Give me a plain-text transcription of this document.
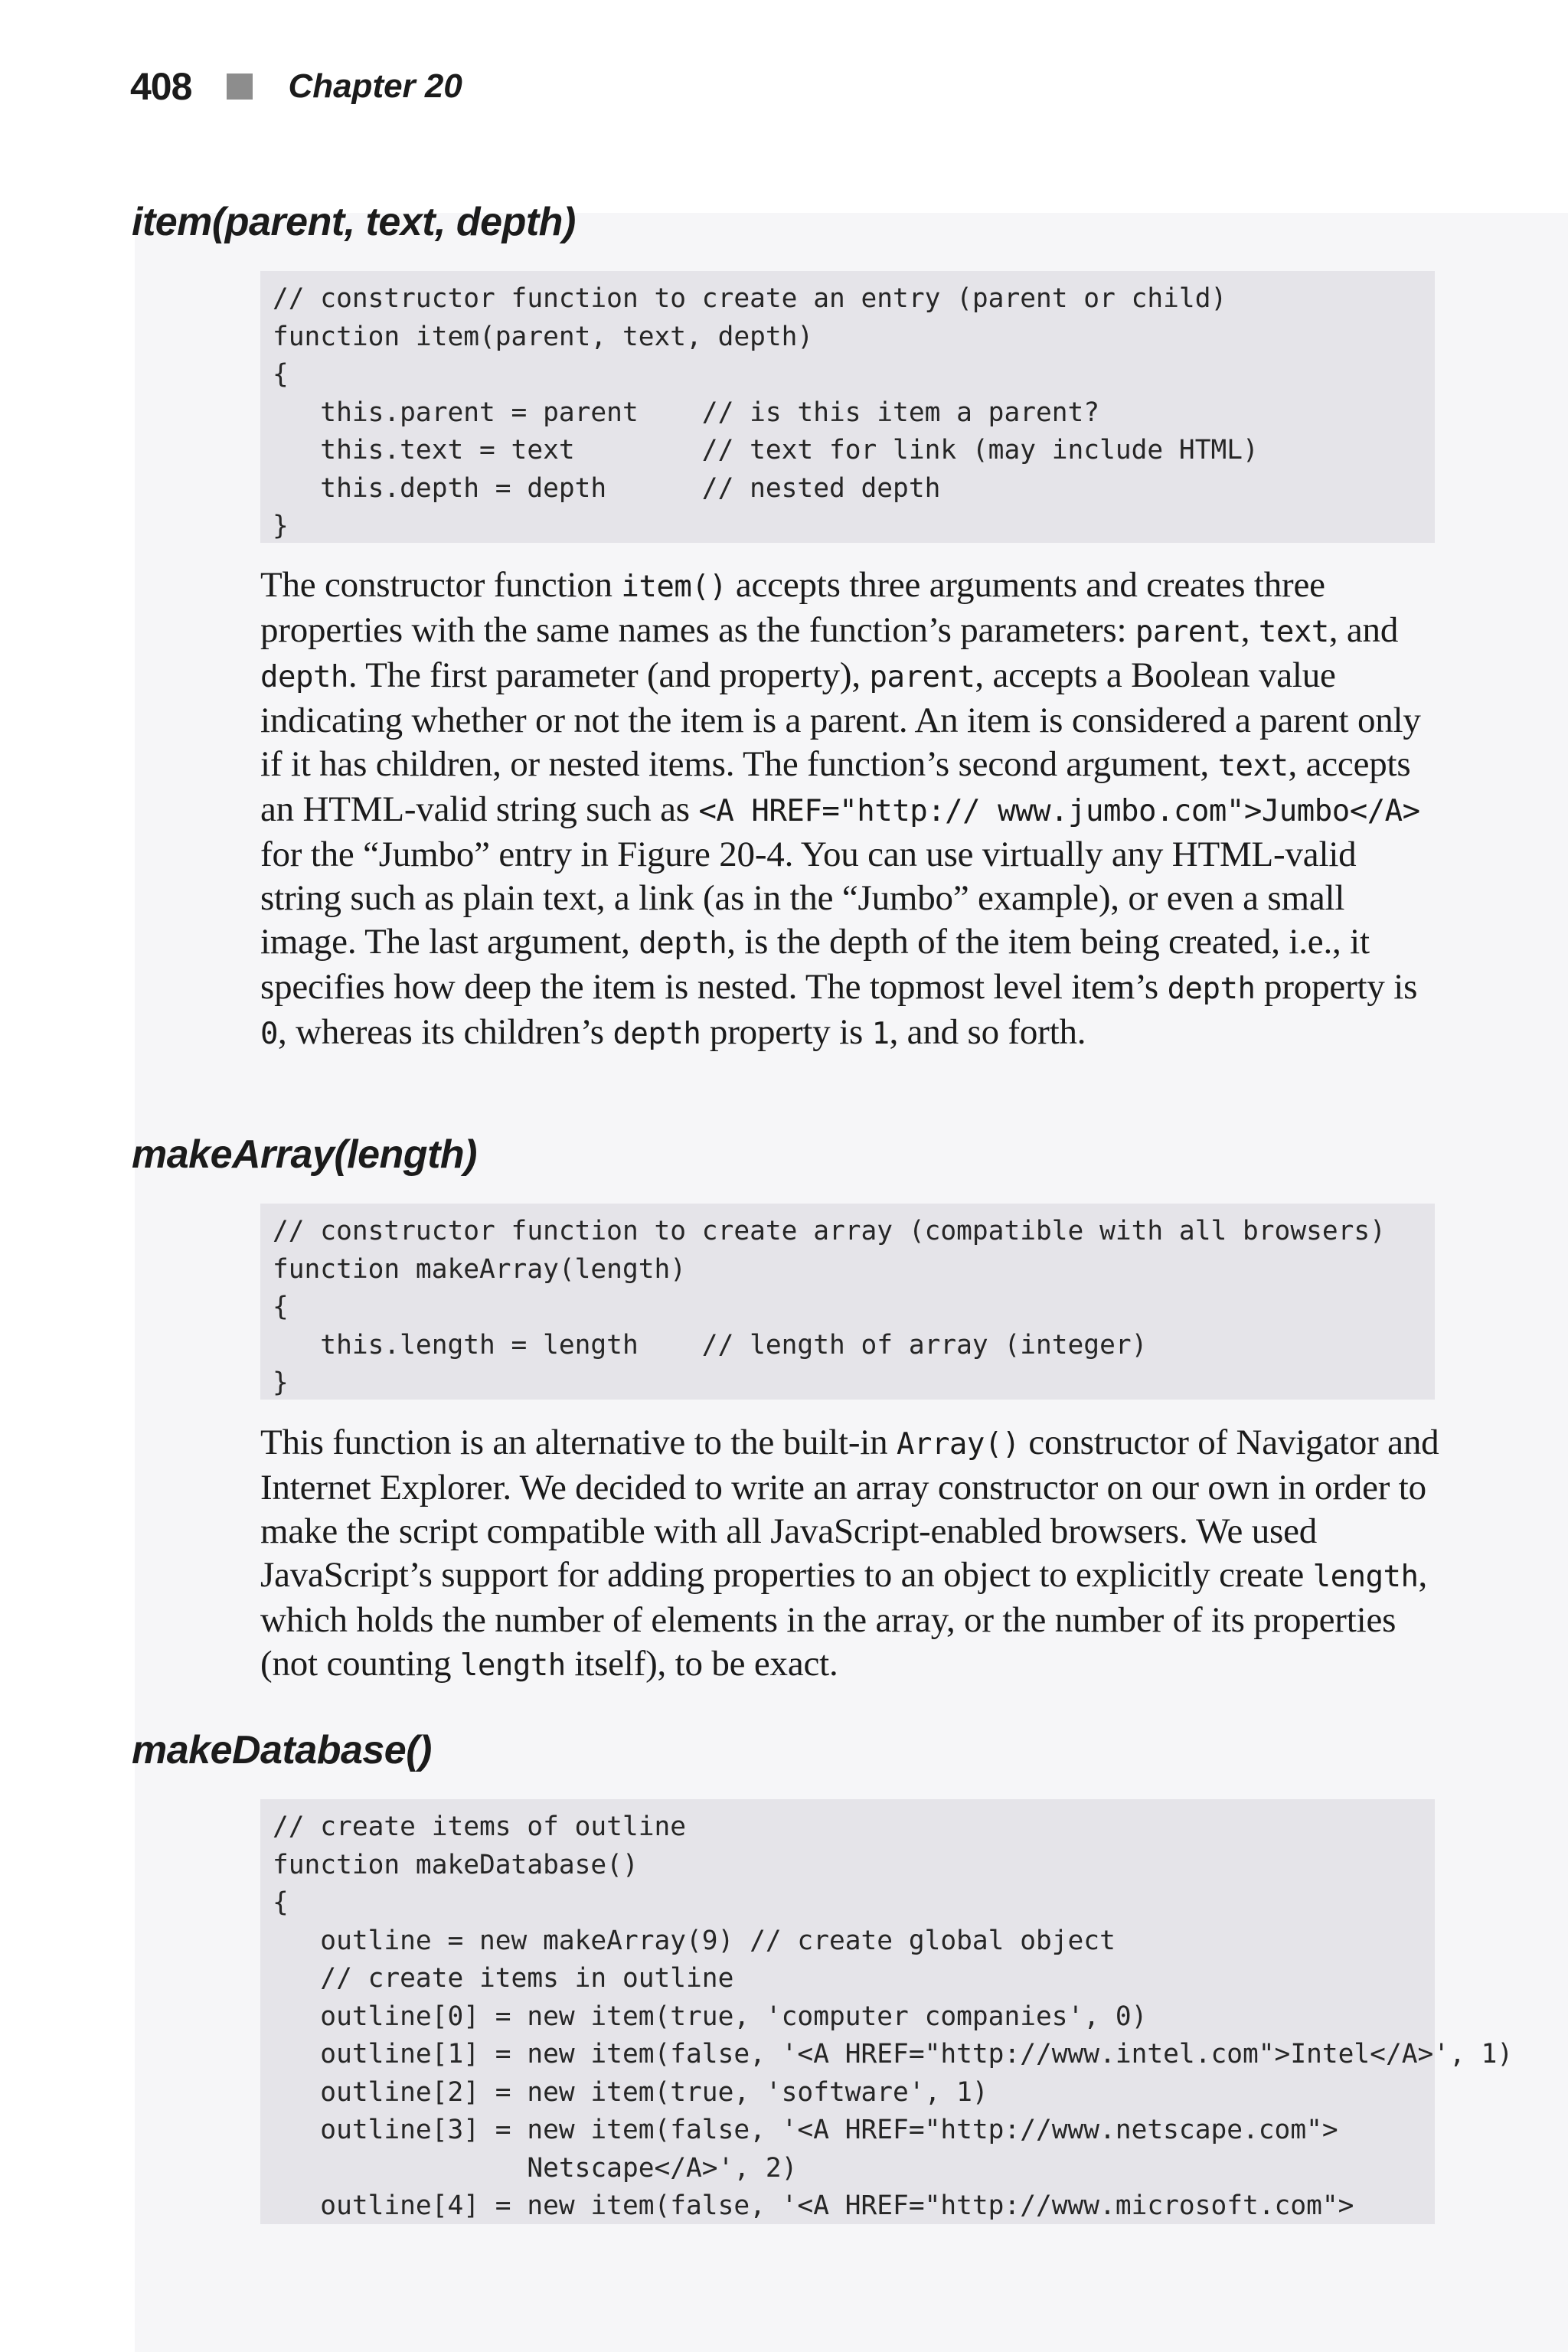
408	Chapter 20
item(parent, text, depth)
// constructor function to create an entry (parent or child)
function item(parent, text, depth)
{
this.parent = parent    // is this item a parent?
this.text = text        // text for link (may include HTML)
this.depth = depth      // nested depth
}

The constructor function item() accepts three arguments and creates three properties with the same names as the function’s parameters: parent, text, and depth. The first parameter (and property), parent, accepts a Boolean value indicating whether or not the item is a parent. An item is considered a parent only if it has children, or nested items. The function’s second argument, text, accepts an HTML-valid string such as <A HREF="http:// www.jumbo.com">Jumbo</A> for the “Jumbo” entry in Figure 20-4. You can use virtually any HTML-valid string such as plain text, a link (as in the “Jumbo” example), or even a small image. The last argument, depth, is the depth of the item being created, i.e., it specifies how deep the item is nested. The topmost level item’s depth property is 0, whereas its children’s depth property is 1, and so forth.

makeArray(length)
// constructor function to create array (compatible with all browsers)
function makeArray(length)
{
this.length = length    // length of array (integer)
}

This function is an alternative to the built-in Array() constructor of Navigator and Internet Explorer. We decided to write an array constructor on our own in order to make the script compatible with all JavaScript-enabled browsers. We used JavaScript’s support for adding properties to an object to explicitly create length, which holds the number of elements in the array, or the number of its properties (not counting length itself), to be exact.

makeDatabase()
// create items of outline
function makeDatabase()
{
outline = new makeArray(9) // create global object
// create items in outline
outline[0] = new item(true, 'computer companies', 0)
outline[1] = new item(false, '<A HREF="http://www.intel.com">Intel</A>', 1)
outline[2] = new item(true, 'software', 1)
outline[3] = new item(false, '<A HREF="http://www.netscape.com">
Netscape</A>', 2)
outline[4] = new item(false, '<A HREF="http://www.microsoft.com">
